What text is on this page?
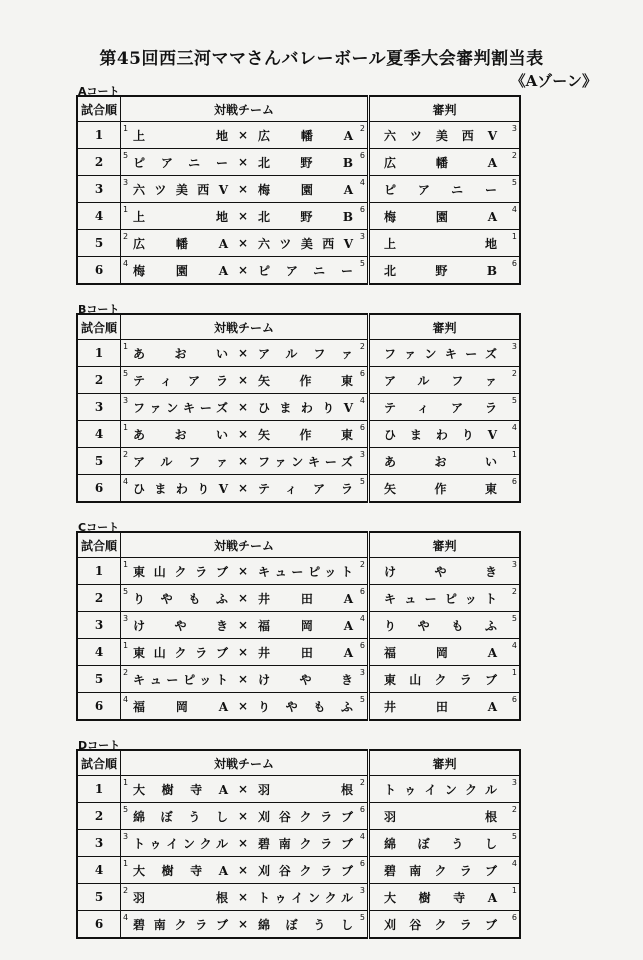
第45回西三河ママさんバレーボール夏季大会審判割当表
《Aゾーン》
Aコート
試合順	対戦チーム	審判
1	1 上地 × 広幡A 2	六ツ美西V 3

2	5 ピアニー × 北野B 6	広幡A 2

3	3 六ツ美西V × 梅園A 4	ピアニー 5

4	1 上地 × 北野B 6	梅園A 4

5	2 広幡A × 六ツ美西V 3	上地 1

6	4 梅園A × ピアニー 5	北野B 6
Bコート
試合順	対戦チーム	審判
1	1 あおい × アルファ 2	ファンキーズ 3

2	5 ティアラ × 矢作東 6	アルファ 2

3	3 ファンキーズ × ひまわりV 4	ティアラ 5

4	1 あおい × 矢作東 6	ひまわりV 4

5	2 アルファ × ファンキーズ 3	あおい 1

6	4 ひまわりV × ティアラ 5	矢作東 6
Cコート
試合順	対戦チーム	審判
1	1 東山クラブ × キューピット 2	けやき 3

2	5 りやもふ × 井田A 6	キューピット 2

3	3 けやき × 福岡A 4	りやもふ 5

4	1 東山クラブ × 井田A 6	福岡A 4

5	2 キューピット × けやき 3	東山クラブ 1

6	4 福岡A × りやもふ 5	井田A 6
Dコート
試合順	対戦チーム	審判
1	1 大樹寺A × 羽根 2	トゥインクル 3

2	5 綿ぼうし × 刈谷クラブ 6	羽根 2

3	3 トゥインクル × 碧南クラブ 4	綿ぼうし 5

4	1 大樹寺A × 刈谷クラブ 6	碧南クラブ 4

5	2 羽根 × トゥインクル 3	大樹寺A 1

6	4 碧南クラブ × 綿ぼうし 5	刈谷クラブ 6
